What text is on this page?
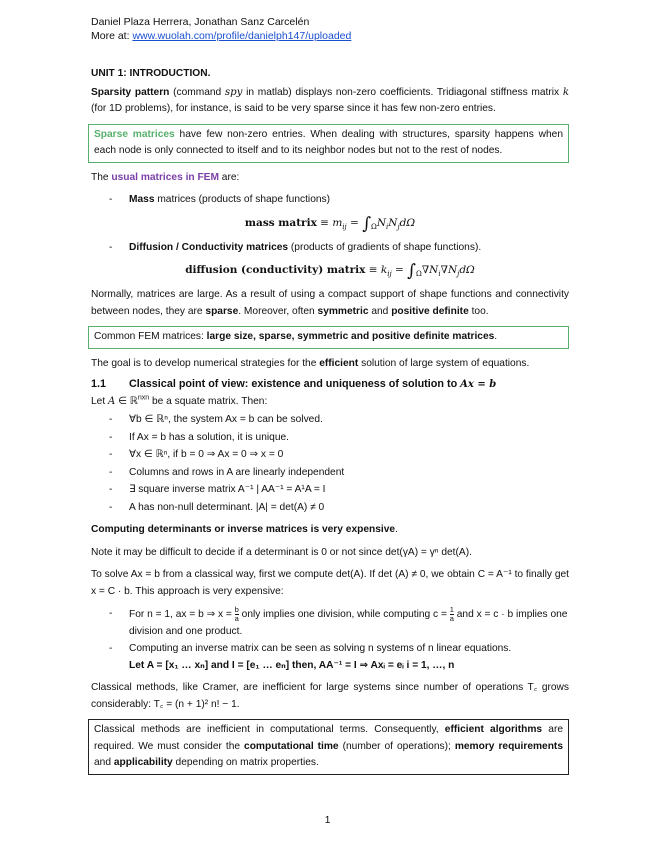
Daniel Plaza Herrera, Jonathan Sanz Carcelén
More at: www.wuolah.com/profile/danielph147/uploaded

UNIT 1: INTRODUCTION.

Sparsity pattern (command spy in matlab) displays non-zero coefficients. Tridiagonal stiffness matrix k (for 1D problems), for instance, is said to be very sparse since it has few non-zero entries.

Sparse matrices have few non-zero entries. When dealing with structures, sparsity happens when each node is only connected to itself and to its neighbor nodes but not to the rest of nodes.

The usual matrices in FEM are:

- Mass matrices (products of shape functions)
mass matrix ≡ $m_{ij} = \int_\Omega N_iN_jd\Omega$
- Diffusion / Conductivity matrices (products of gradients of shape functions).
diffusion (conductivity) matrix ≡ $k_{ij} = \int_\Omega\nabla N_i\nabla N_jd\Omega$

Normally, matrices are large. As a result of using a compact support of shape functions and connectivity between nodes, they are sparse. Moreover, often symmetric and positive definite too.

Common FEM matrices: large size, sparse, symmetric and positive definite matrices.

The goal is to develop numerical strategies for the efficient solution of large system of equations.

1.1 Classical point of view: existence and uniqueness of solution to Ax = b

Let A ∈ ℝ$^{nxn}$ be a squate matrix. Then:

- ∀b ∈ ℝⁿ, the system Ax = b can be solved.
- If Ax = b has a solution, it is unique.
- ∀x ∈ ℝⁿ, if b = 0 ⇒ Ax = 0 ⇒ x = 0
- Columns and rows in A are linearly independent
- ∃ square inverse matrix A⁻¹ | AA⁻¹ = A¹A = I
- A has non-null determinant. |A| = det(A) ≠ 0

Computing determinants or inverse matrices is very expensive.

Note it may be difficult to decide if a determinant is 0 or not since det(γA) = γⁿ det(A).

To solve Ax = b from a classical way, first we compute det(A). If det (A) ≠ 0, we obtain C = A⁻¹ to finally get x = C · b. This approach is very expensive:

- For n = 1, ax = b ⇒ $x = \frac{b}{a}$ only implies one division, while computing $c = \frac{1}{a}$ and x = c · b implies one division and one product.
- Computing an inverse matrix can be seen as solving n systems of n linear equations.
Let A = [x₁ … xₙ] and I = [e₁ … eₙ] then, AA⁻¹ = I ⇒ Axᵢ = eᵢ i = 1, …, n

Classical methods, like Cramer, are inefficient for large systems since number of operations T꜀ grows considerably: T꜀ = (n + 1)² n! − 1.

Classical methods are inefficient in computational terms. Consequently, efficient algorithms are required. We must consider the computational time (number of operations); memory requirements and applicability depending on matrix properties.

1
